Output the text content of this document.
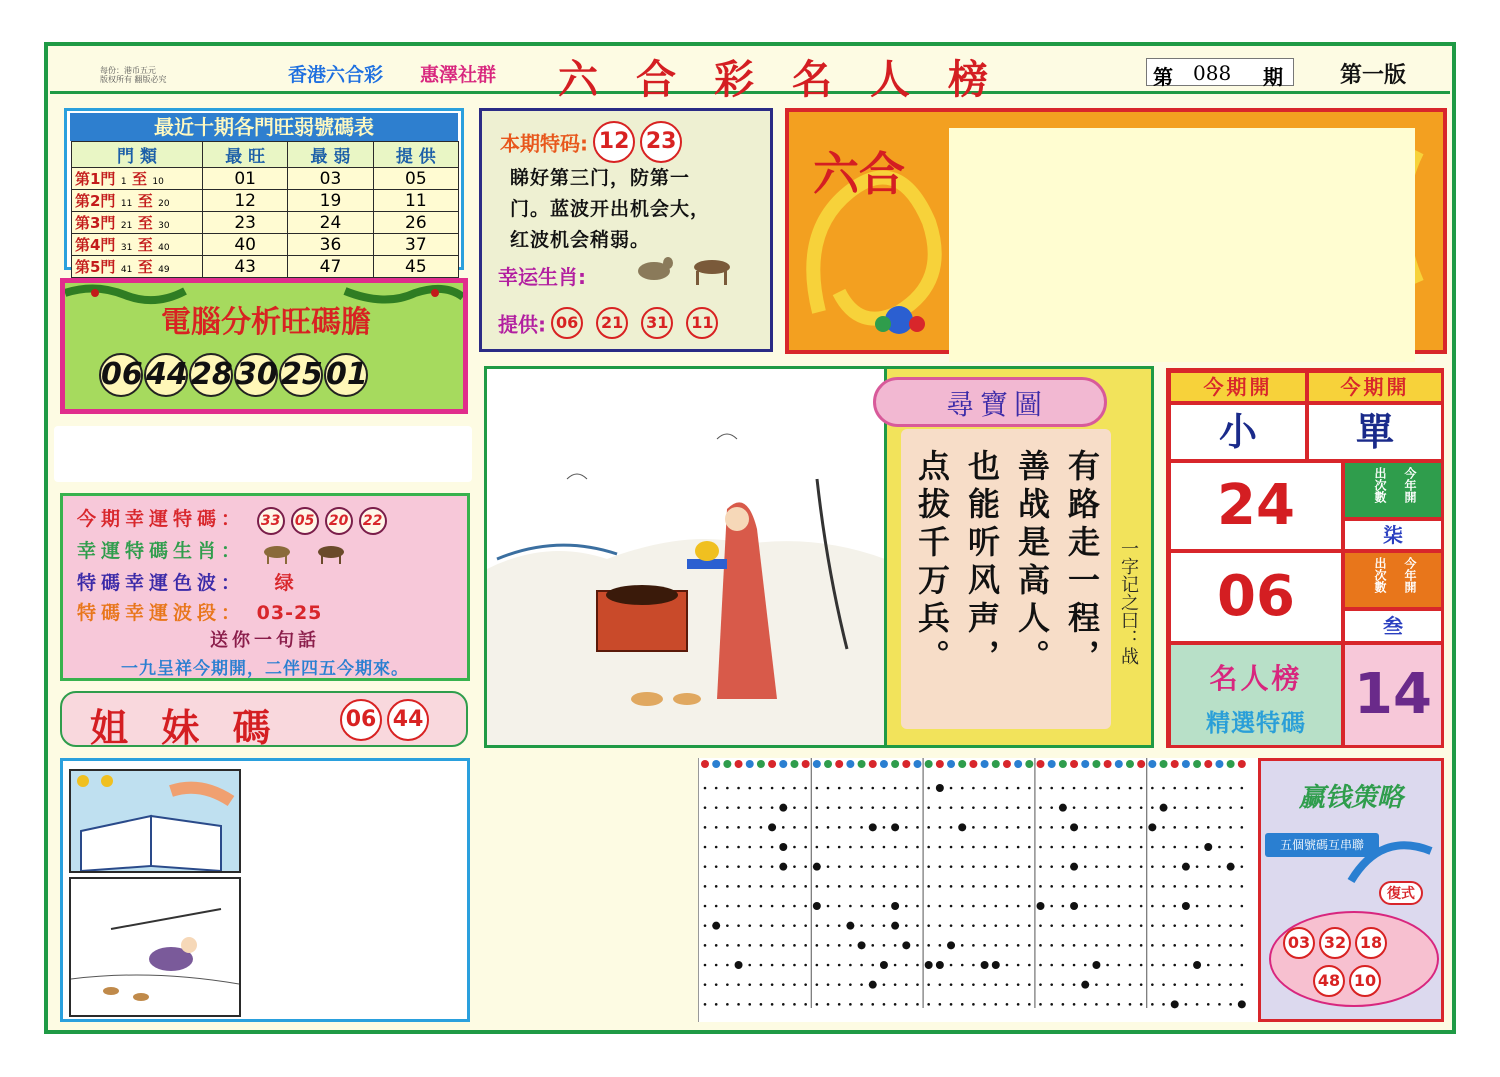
每份：港币五元
版权所有 翻版必究	香港六合彩 惠澤社群 六合彩名人榜	第 088 期	第一版
最近十期各門旺弱號碼表
門 類	最 旺	最 弱	提 供
第1門 1 至 10	01	03	05
第2門 11 至 20	12	19	11
第3門 21 至 30	23	24	26
第4門 31 至 40	40	36	37
第5門 41 至 49	43	47	45
電腦分析旺碼膽
06 44 28 30 25 01
本期特码: 12 23
睇好第三门，防第一
门。蓝波开出机会大，
红波机会稍弱。
幸运生肖:
提供: 06 21 31 11
六合
今期幸運特碼： 33 05 20 22
幸運特碼生肖：
特碼幸運色波： 绿
特碼幸運波段： 03-25
送你一句話
一九呈祥今期開，二伴四五今期來。
姐 妹 碼	06 44
尋寶圖
有路走一程，
善战是高人。
也能听风声，
点拔千万兵。	一字记之曰：战
今期開	今期開
小	單
24	出次數 今年開
柒
06	出次數 今年開
叁
名人榜
精選特碼 14
赢钱策略
五個號碼互串聯
復式
03 32 18
48 10
